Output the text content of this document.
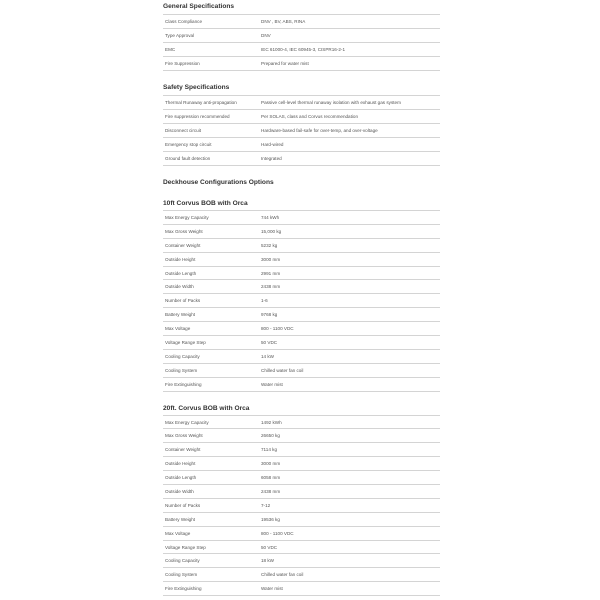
General Specifications
Class Compliance	DNV , BV, ABS, RINA
Type Approval	DNV
EMC	IEC 61000-4, IEC 60945-3, CISPR16-2-1
Fire Suppression	Prepared for water mist
Safety Specifications
Thermal Runaway anti-propagation	Passive cell-level thermal runaway isolation with exhaust gas system
Fire suppression recommended	Per SOLAS, class and Corvus recommendation
Disconnect circuit	Hardware-based fail-safe for over-temp, and over-voltage
Emergency stop circuit	Hard-wired
Ground fault detection	Integrated
Deckhouse Configurations Options
10ft Corvus BOB with Orca
Max Energy Capacity	744 kWh
Max Gross Weight	15,000 kg
Container Weight	5232 kg
Outside Height	3000 mm
Outside Length	2991 mm
Outside Width	2438 mm
Number of Packs	1-6
Battery Weight	9768 kg
Max Voltage	800 - 1100 VDC
Voltage Range Step	50 VDC
Cooling Capacity	14 kW
Cooling System	Chilled water fan coil
Fire Extinguishing	Water mist
20ft. Corvus BOB with Orca
Max Energy Capacity	1492 kWh
Max Gross Weight	26650 kg
Container Weight	7114 kg
Outside Height	3000 mm
Outside Length	6058 mm
Outside Width	2438 mm
Number of Packs	7-12
Battery Weight	19536 kg
Max Voltage	800 - 1100 VDC
Voltage Range Step	50 VDC
Cooling Capacity	18 kW
Cooling System	Chilled water fan coil
Fire Extinguishing	Water mist
